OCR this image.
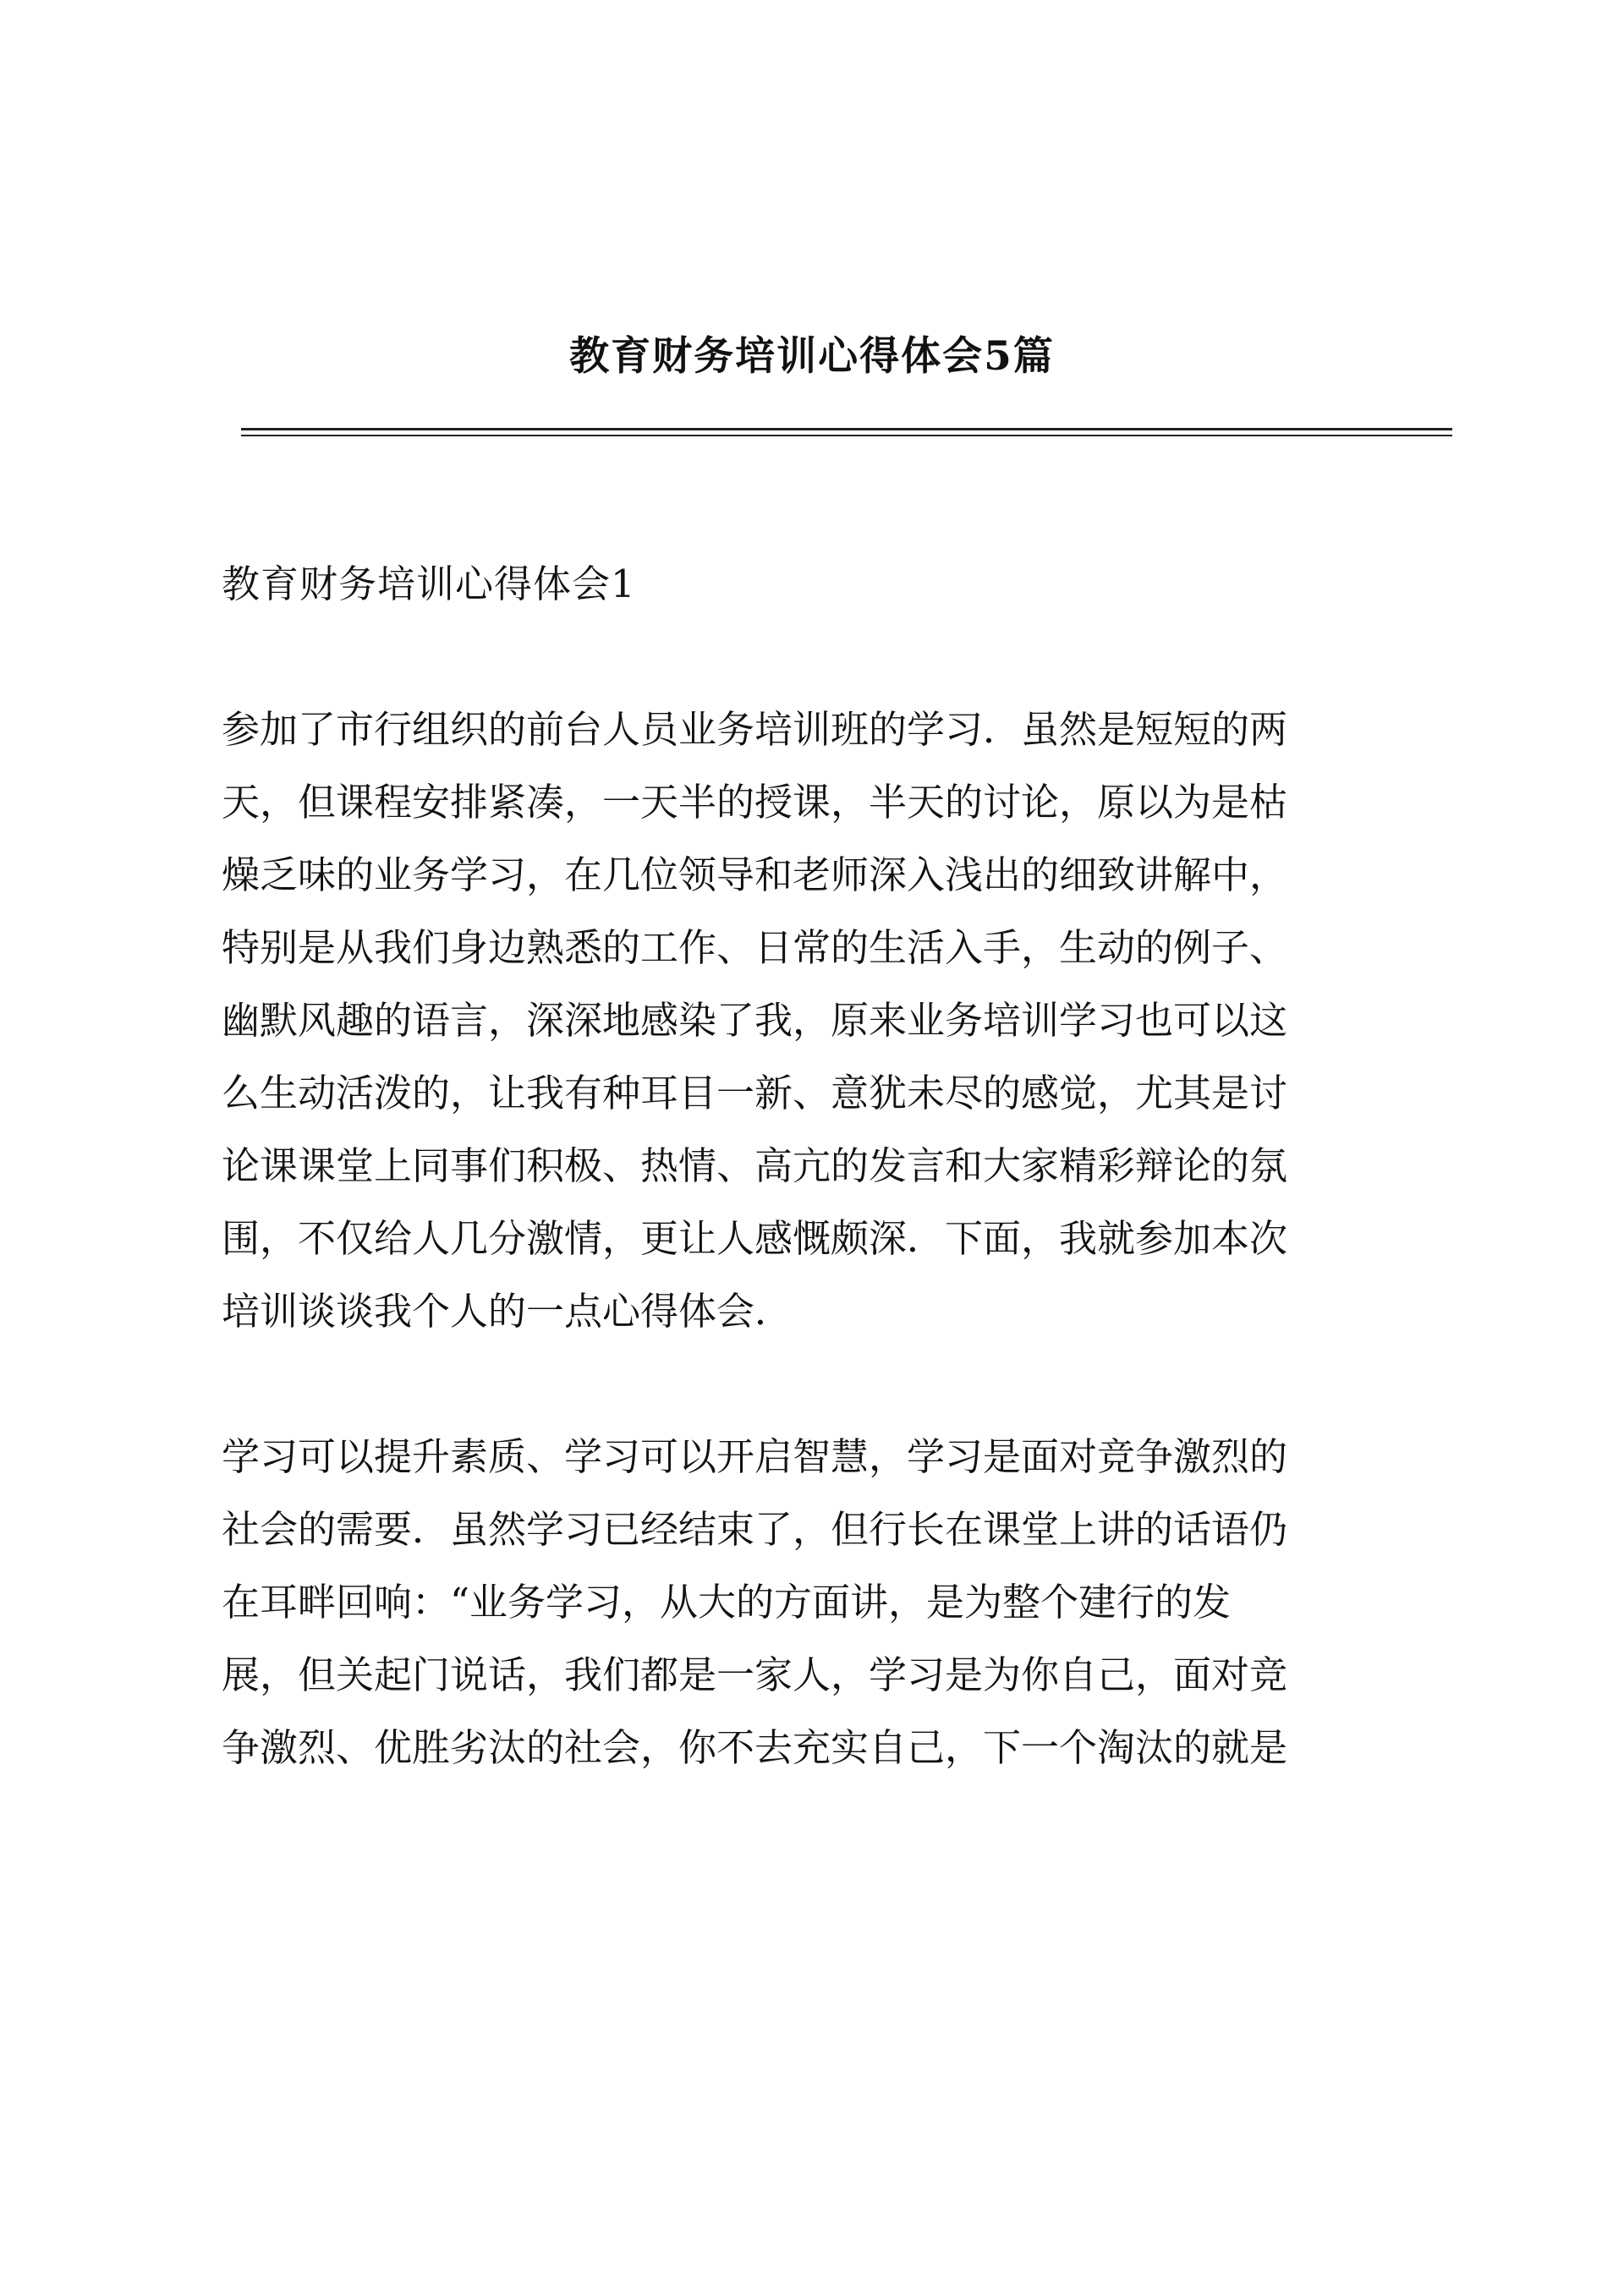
教育财务培训心得体会5篇
教育财务培训心得体会1
参加了市行组织的前台人员业务培训班的学习．虽然是短短的两
天，但课程安排紧凑，一天半的授课，半天的讨论，原以为是枯
燥乏味的业务学习，在几位领导和老师深入浅出的细致讲解中，
特别是从我们身边熟悉的工作、日常的生活入手，生动的例子、
幽默风趣的语言，深深地感染了我，原来业务培训学习也可以这
么生动活泼的，让我有种耳目一新、意犹未尽的感觉，尤其是讨
论课课堂上同事们积极、热情、高亢的发言和大家精彩辩论的氛
围，不仅给人几分激情，更让人感慨颇深．下面，我就参加本次
培训谈谈我个人的一点心得体会．
学习可以提升素质、学习可以开启智慧，学习是面对竞争激烈的
社会的需要．虽然学习已经结束了，但行长在课堂上讲的话语仍
在耳畔回响：“业务学习，从大的方面讲，是为整个建行的发
展，但关起门说话，我们都是一家人，学习是为你自己，面对竞
争激烈、优胜劣汰的社会，你不去充实自己，下一个淘汰的就是
